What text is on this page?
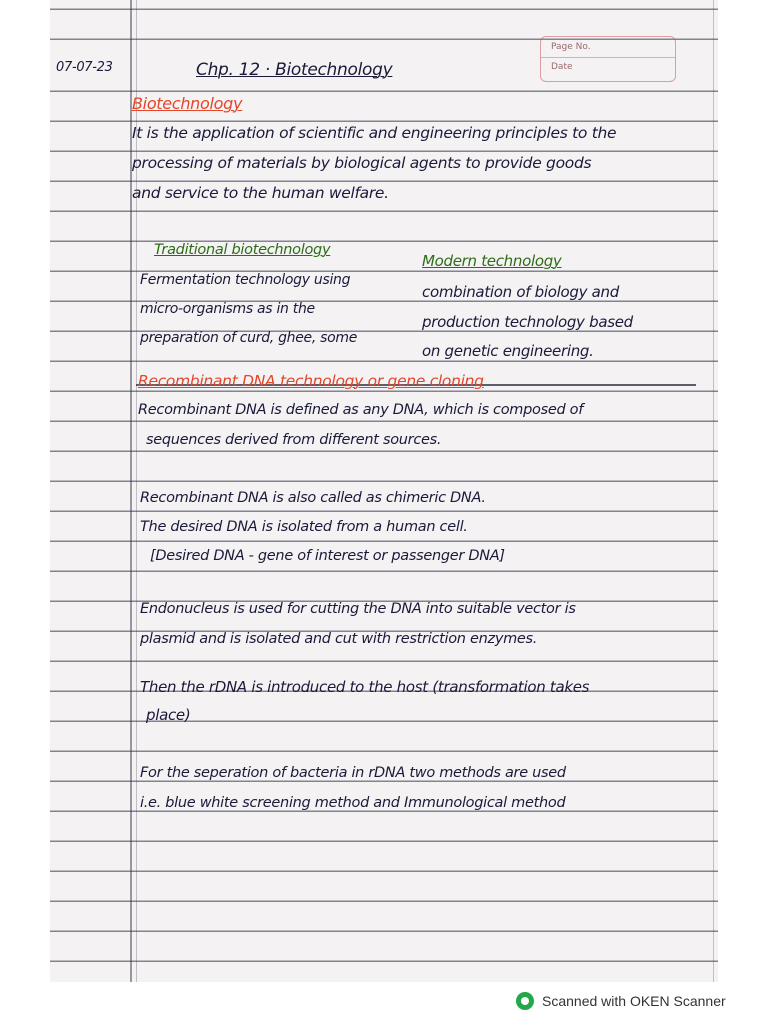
Page No.
Date
07-07-23	Chp. 12 · Biotechnology
Biotechnology
It is the application of scientific and engineering principles to the
processing of materials by biological agents to provide goods
and service to the human welfare.
Traditional biotechnology
Fermentation technology using
micro-organisms as in the
preparation of curd, ghee, some
Modern technology
combination of biology and
production technology based
on genetic engineering.
Recombinant DNA technology or gene cloning
Recombinant DNA is defined as any DNA, which is composed of
sequences derived from different sources.
Recombinant DNA is also called as chimeric DNA.
The desired DNA is isolated from a human cell.
[Desired DNA - gene of interest or passenger DNA]
Endonucleus is used for cutting the DNA into suitable vector is
plasmid and is isolated and cut with restriction enzymes.
Then the rDNA is introduced to the host (transformation takes
place)
For the seperation of bacteria in rDNA two methods are used
i.e. blue white screening method and Immunological method
Scanned with OKEN Scanner
